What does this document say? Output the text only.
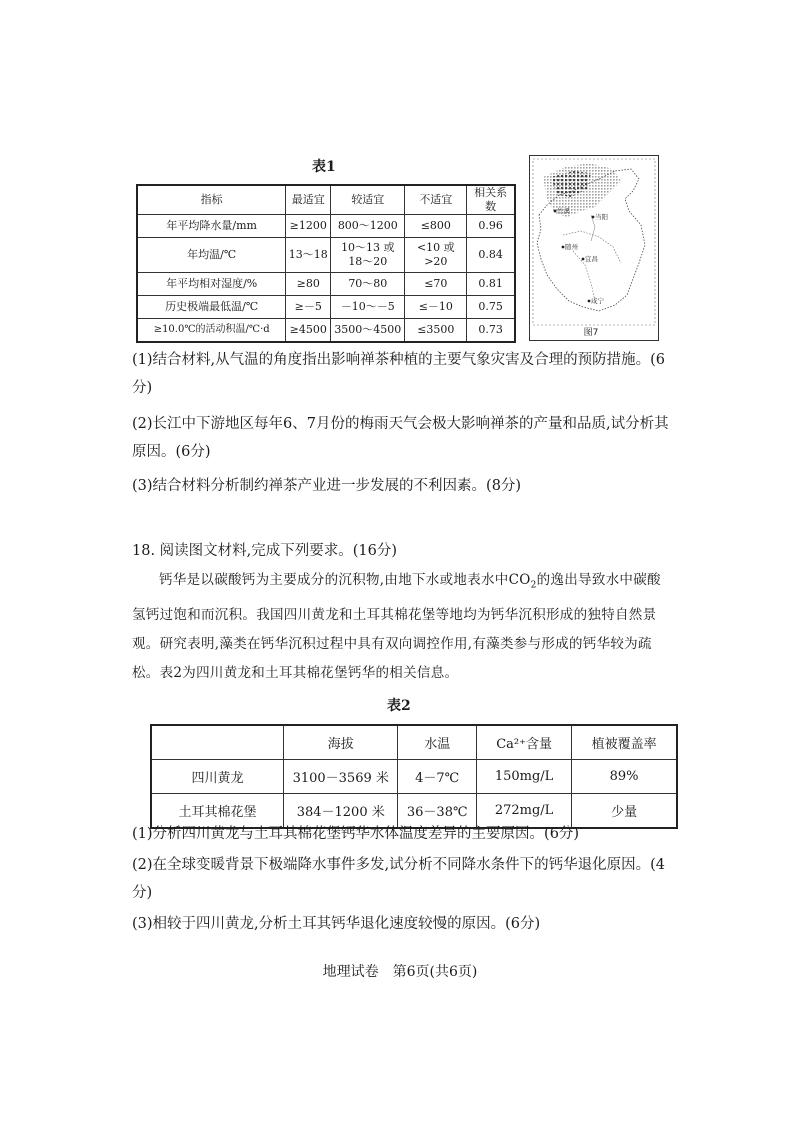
表1
指标	最适宜	较适宜	不适宜	相关系数
年平均降水量/mm	≥1200	800～1200	≤800	0.96
年均温/℃	13～18	10～13 或 18～20	<10 或 >20	0.84
年平均相对湿度/%	≥80	70～80	≤70	0.81
历史极端最低温/℃	≥－5	－10～－5	≤－10	0.75
≥10.0℃的活动积温/℃·d	≥4500	3500～4500	≤3500	0.73
竹溪
当阳
随州
宜昌
咸宁
图7
(1)结合材料,从气温的角度指出影响禅茶种植的主要气象灾害及合理的预防措施。(6分)
(2)长江中下游地区每年6、7月份的梅雨天气会极大影响禅茶的产量和品质,试分析其原因。(6分)
(3)结合材料分析制约禅茶产业进一步发展的不利因素。(8分)
18. 阅读图文材料,完成下列要求。(16分)
钙华是以碳酸钙为主要成分的沉积物,由地下水或地表水中$CO_2$的逸出导致水中碳酸氢钙过饱和而沉积。我国四川黄龙和土耳其棉花堡等地均为钙华沉积形成的独特自然景观。研究表明,藻类在钙华沉积过程中具有双向调控作用,有藻类参与形成的钙华较为疏松。表2为四川黄龙和土耳其棉花堡钙华的相关信息。
表2
	海拔	水温	Ca²⁺含量	植被覆盖率
四川黄龙	3100－3569 米	4－7℃	150mg/L	89%
土耳其棉花堡	384－1200 米	36－38℃	272mg/L	少量
(1)分析四川黄龙与土耳其棉花堡钙华水体温度差异的主要原因。(6分)
(2)在全球变暖背景下极端降水事件多发,试分析不同降水条件下的钙华退化原因。(4分)
(3)相较于四川黄龙,分析土耳其钙华退化速度较慢的原因。(6分)
地理试卷　第6页(共6页)
